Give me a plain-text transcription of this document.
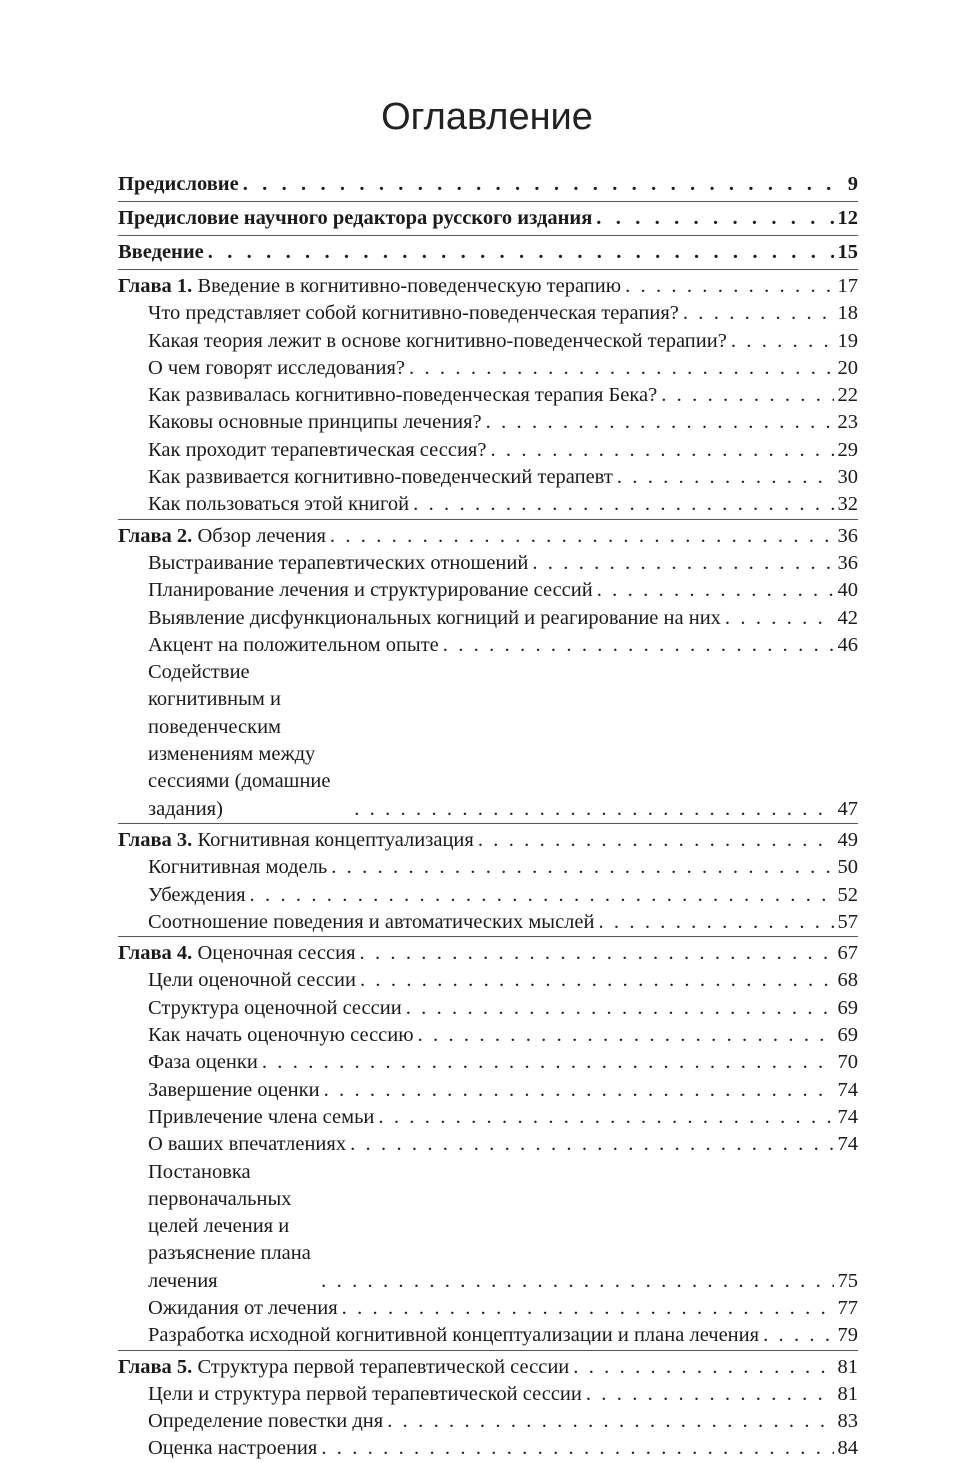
Оглавление
Предисловие . . .	9
Предисловие научного редактора русского издания . . .	12
Введение . . .	15
Глава 1. Введение в когнитивно-поведенческую терапию . . .	17
Что представляет собой когнитивно-поведенческая терапия? . . .	18
Какая теория лежит в основе когнитивно-поведенческой терапии? . . .	19
О чем говорят исследования? . . .	20
Как развивалась когнитивно-поведенческая терапия Бека? . . .	22
Каковы основные принципы лечения? . . .	23
Как проходит терапевтическая сессия? . . .	29
Как развивается когнитивно-поведенческий терапевт . . .	30
Как пользоваться этой книгой . . .	32
Глава 2. Обзор лечения . . .	36
Выстраивание терапевтических отношений . . .	36
Планирование лечения и структурирование сессий . . .	40
Выявление дисфункциональных когниций и реагирование на них . . .	42
Акцент на положительном опыте . . .	46
Содействие когнитивным и поведенческим изменениям между сессиями (домашние задания) . . .	47
Глава 3. Когнитивная концептуализация . . .	49
Когнитивная модель . . .	50
Убеждения . . .	52
Соотношение поведения и автоматических мыслей . . .	57
Глава 4. Оценочная сессия . . .	67
Цели оценочной сессии . . .	68
Структура оценочной сессии . . .	69
Как начать оценочную сессию . . .	69
Фаза оценки . . .	70
Завершение оценки . . .	74
Привлечение члена семьи . . .	74
О ваших впечатлениях . . .	74
Постановка первоначальных целей лечения и разъяснение плана лечения . . .	75
Ожидания от лечения . . .	77
Разработка исходной когнитивной концептуализации и плана лечения . . .	79
Глава 5. Структура первой терапевтической сессии . . .	81
Цели и структура первой терапевтической сессии . . .	81
Определение повестки дня . . .	83
Оценка настроения . . .	84
